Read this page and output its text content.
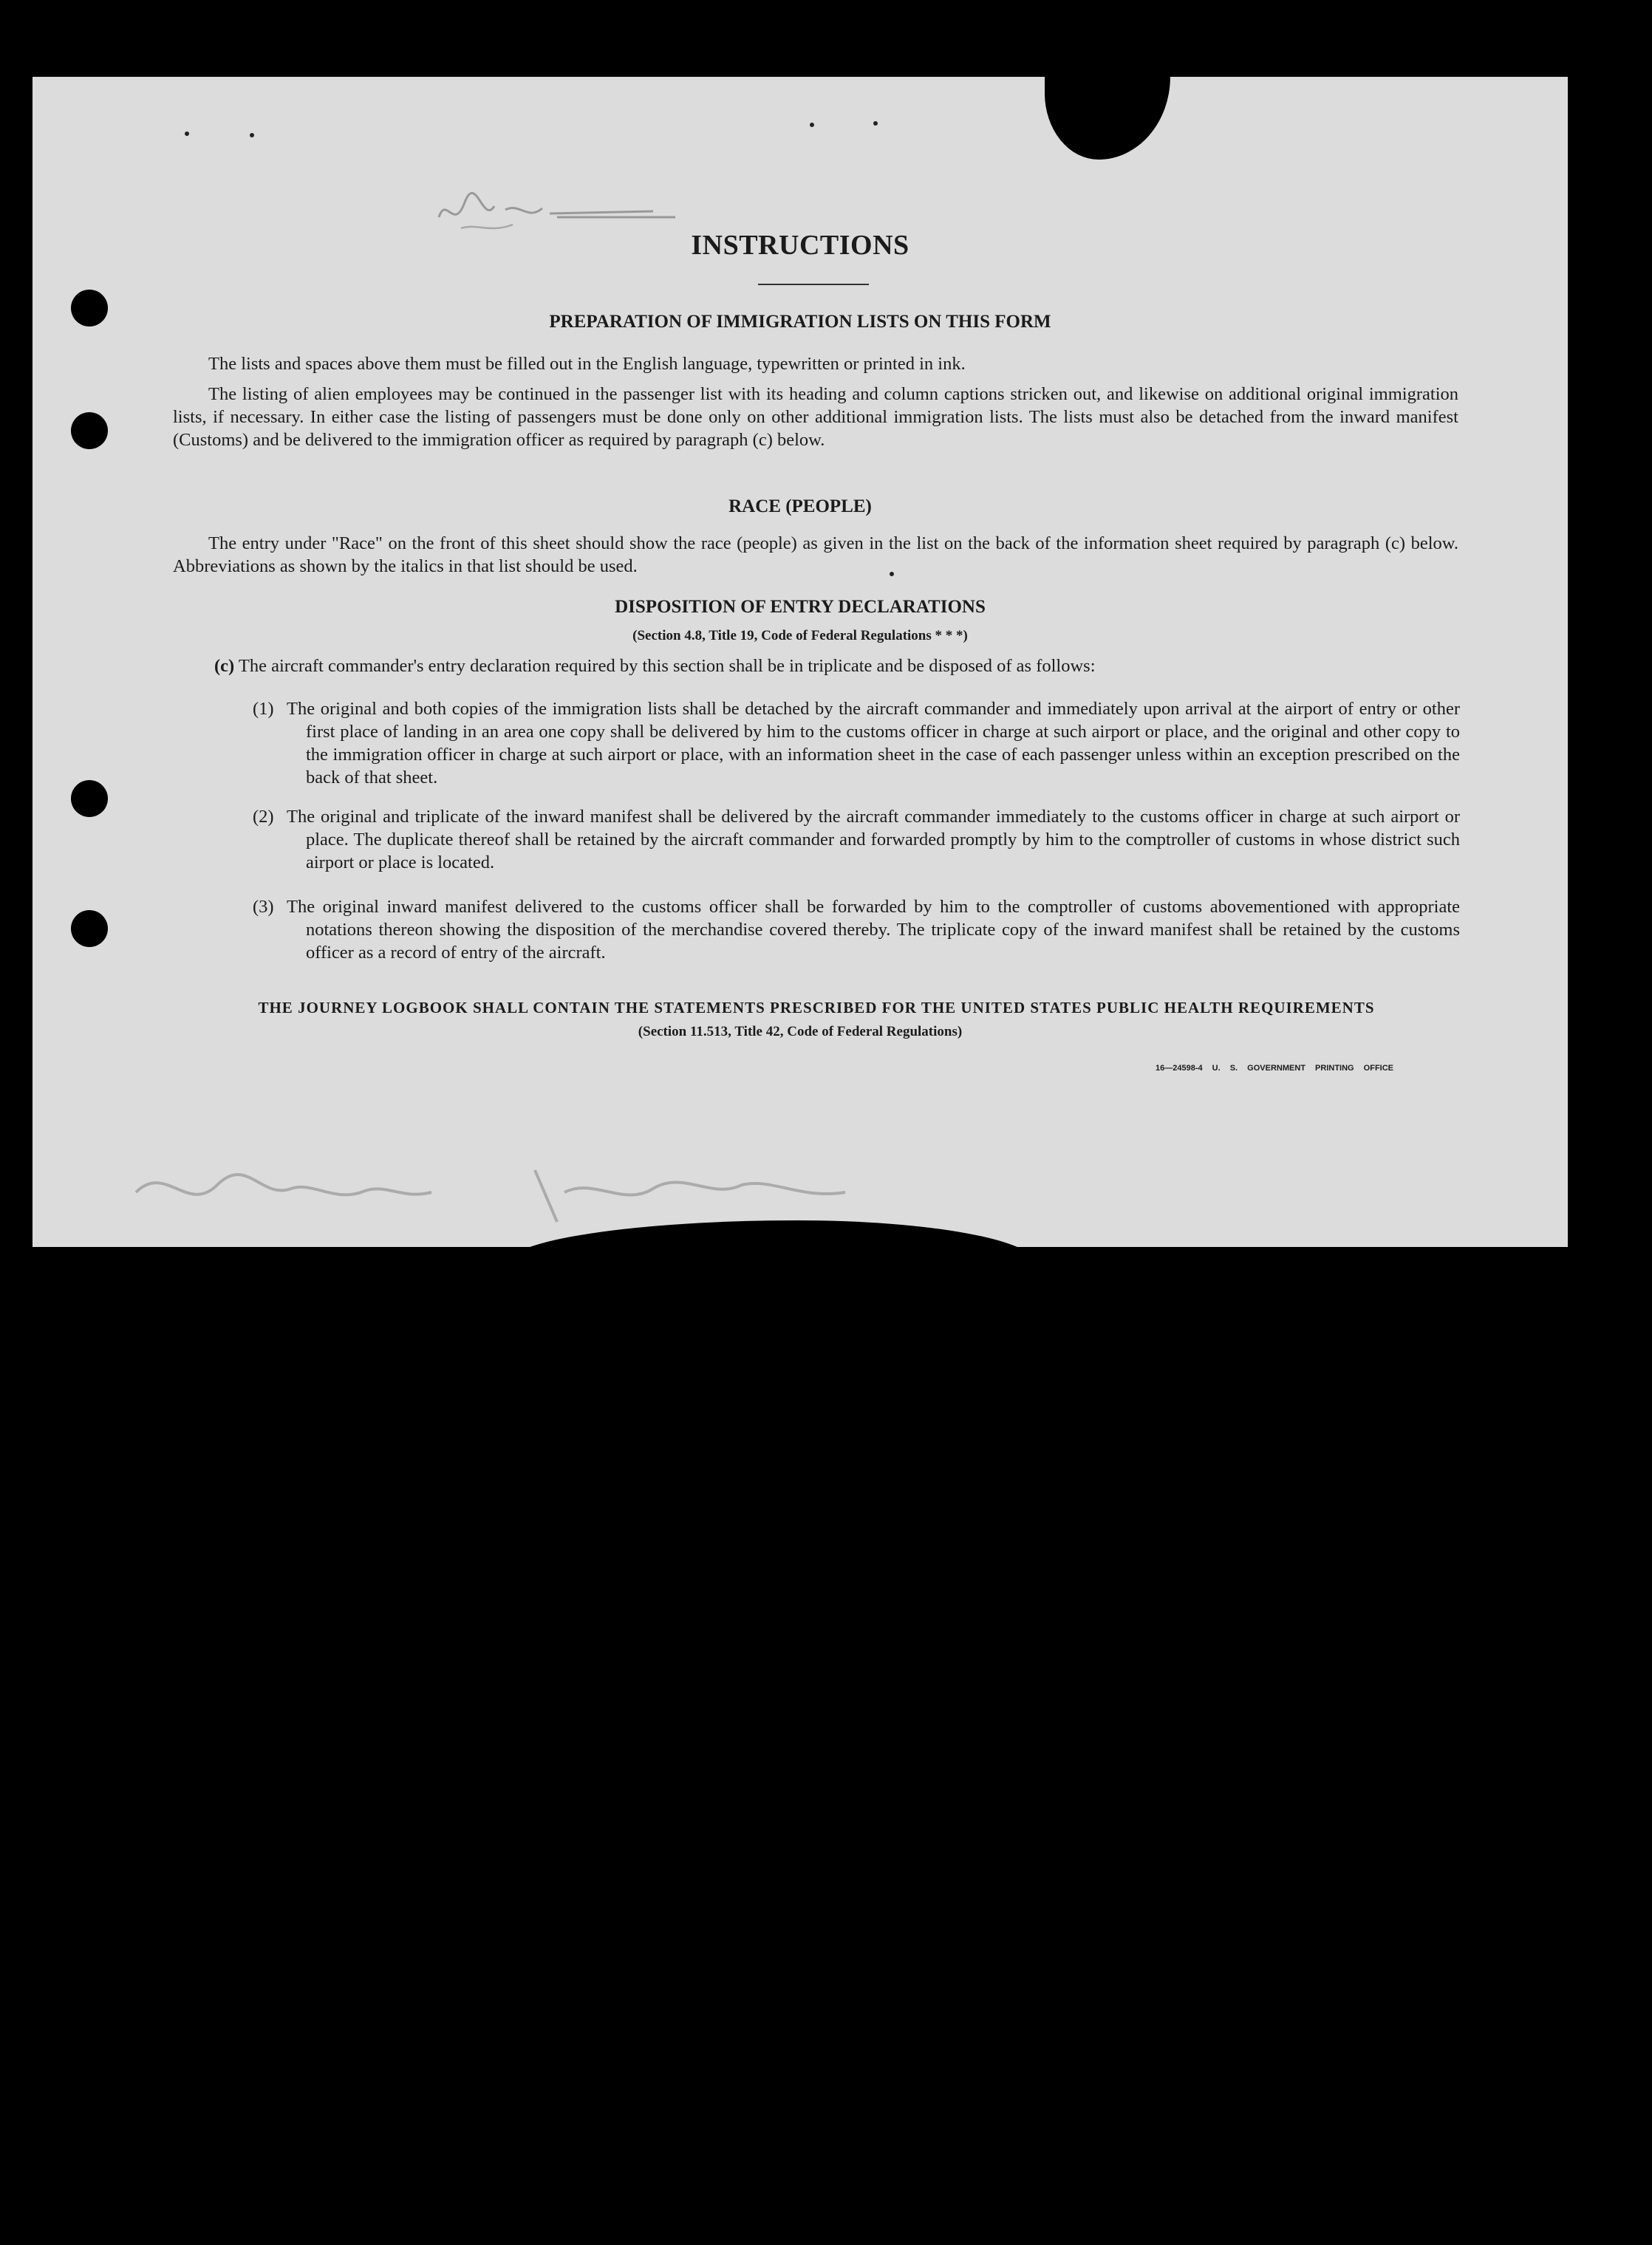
INSTRUCTIONS
PREPARATION OF IMMIGRATION LISTS ON THIS FORM

The lists and spaces above them must be filled out in the English language, typewritten or printed in ink.

The listing of alien employees may be continued in the passenger list with its heading and column captions stricken out, and likewise on additional original immigration lists, if necessary. In either case the listing of passengers must be done only on other additional immigration lists. The lists must also be detached from the inward manifest (Customs) and be delivered to the immigration officer as required by paragraph (c) below.

RACE (PEOPLE)

The entry under "Race" on the front of this sheet should show the race (people) as given in the list on the back of the information sheet required by paragraph (c) below. Abbreviations as shown by the italics in that list should be used.

DISPOSITION OF ENTRY DECLARATIONS
(Section 4.8, Title 19, Code of Federal Regulations * * *)

(c) The aircraft commander's entry declaration required by this section shall be in triplicate and be disposed of as follows:

(1) The original and both copies of the immigration lists shall be detached by the aircraft commander and immediately upon arrival at the airport of entry or other first place of landing in an area one copy shall be delivered by him to the customs officer in charge at such airport or place, and the original and other copy to the immigration officer in charge at such airport or place, with an information sheet in the case of each passenger unless within an exception prescribed on the back of that sheet.
(2) The original and triplicate of the inward manifest shall be delivered by the aircraft commander immediately to the customs officer in charge at such airport or place. The duplicate thereof shall be retained by the aircraft commander and forwarded promptly by him to the comptroller of customs in whose district such airport or place is located.
(3) The original inward manifest delivered to the customs officer shall be forwarded by him to the comptroller of customs abovementioned with appropriate notations thereon showing the disposition of the merchandise covered thereby. The triplicate copy of the inward manifest shall be retained by the customs officer as a record of entry of the aircraft.
THE JOURNEY LOGBOOK SHALL CONTAIN THE STATEMENTS PRESCRIBED FOR THE UNITED STATES PUBLIC HEALTH REQUIREMENTS
(Section 11.513, Title 42, Code of Federal Regulations)
16—24598-4 U. S. GOVERNMENT PRINTING OFFICE
